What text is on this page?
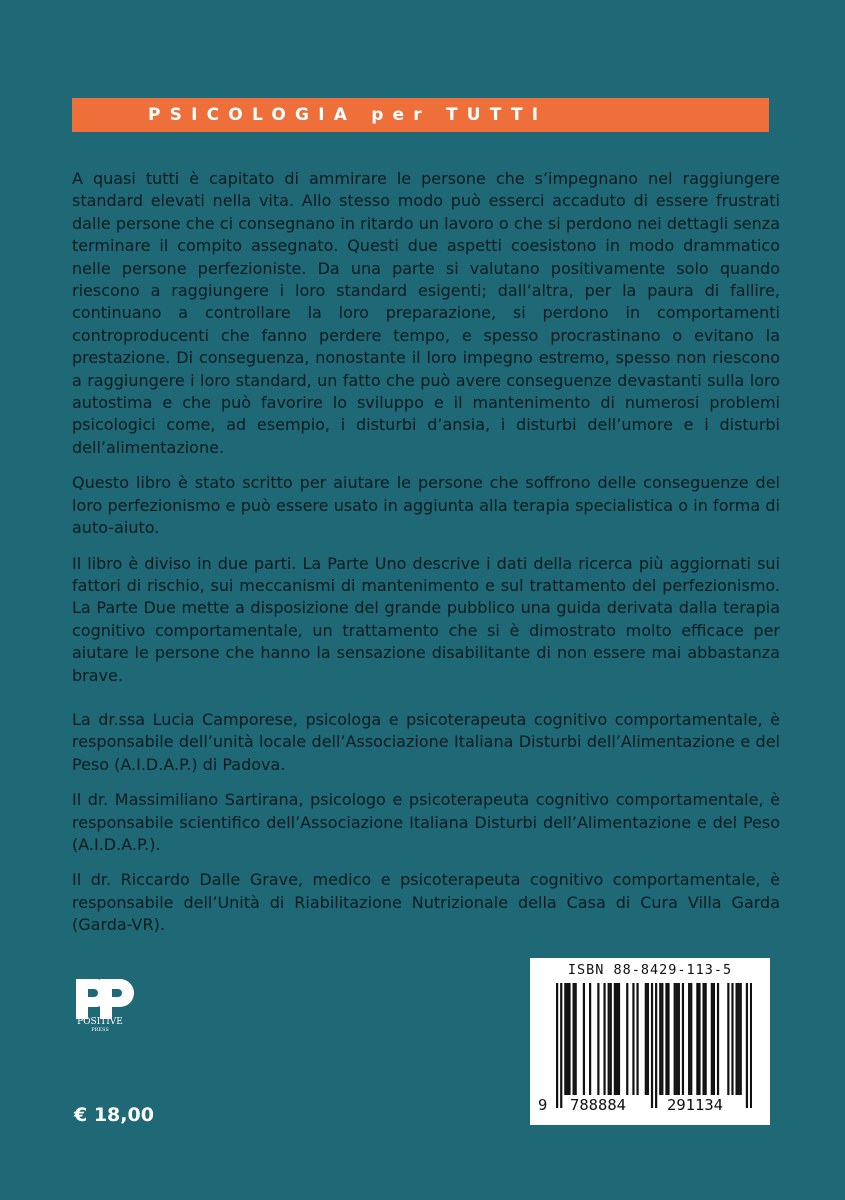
PSICOLOGIA per TUTTI

A quasi tutti è capitato di ammirare le persone che s’impegnano nel raggiungere standard elevati nella vita. Allo stesso modo può esserci accaduto di essere frustrati dalle persone che ci consegnano in ritardo un lavoro o che si perdono nei dettagli senza terminare il compito assegnato. Questi due aspetti coesistono in modo drammatico nelle persone perfezioniste. Da una parte si valutano positivamente solo quando riescono a raggiungere i loro standard esigenti; dall’altra, per la paura di fallire, continuano a controllare la loro preparazione, si perdono in comportamenti controproducenti che fanno perdere tempo, e spesso procrastinano o evitano la prestazione. Di conseguenza, nonostante il loro impegno estremo, spesso non riescono a raggiungere i loro standard, un fatto che può avere conseguenze devastanti sulla loro autostima e che può favorire lo sviluppo e il mantenimento di numerosi problemi psicologici come, ad esempio, i disturbi d’ansia, i disturbi dell’umore e i disturbi dell’alimentazione.

Questo libro è stato scritto per aiutare le persone che soffrono delle conseguenze del loro perfezionismo e può essere usato in aggiunta alla terapia specialistica o in forma di auto-aiuto.

Il libro è diviso in due parti. La Parte Uno descrive i dati della ricerca più aggiornati sui fattori di rischio, sui meccanismi di mantenimento e sul trattamento del perfezionismo. La Parte Due mette a disposizione del grande pubblico una guida derivata dalla terapia cognitivo comportamentale, un trattamento che si è dimostrato molto efficace per aiutare le persone che hanno la sensazione disabilitante di non essere mai abbastanza brave.

La dr.ssa Lucia Camporese, psicologa e psicoterapeuta cognitivo comportamentale, è responsabile dell’unità locale dell’Associazione Italiana Disturbi dell’Alimentazione e del Peso (A.I.D.A.P.) di Padova.

Il dr. Massimiliano Sartirana, psicologo e psicoterapeuta cognitivo comportamentale, è responsabile scientifico dell’Associazione Italiana Disturbi dell’Alimentazione e del Peso (A.I.D.A.P.).

Il dr. Riccardo Dalle Grave, medico e psicoterapeuta cognitivo comportamentale, è responsabile dell’Unità di Riabilitazione Nutrizionale della Casa di Cura Villa Garda (Garda-VR).

POSITIVE
PRESS
€ 18,00
ISBN 88-8429-113-5
9 788884	291134
